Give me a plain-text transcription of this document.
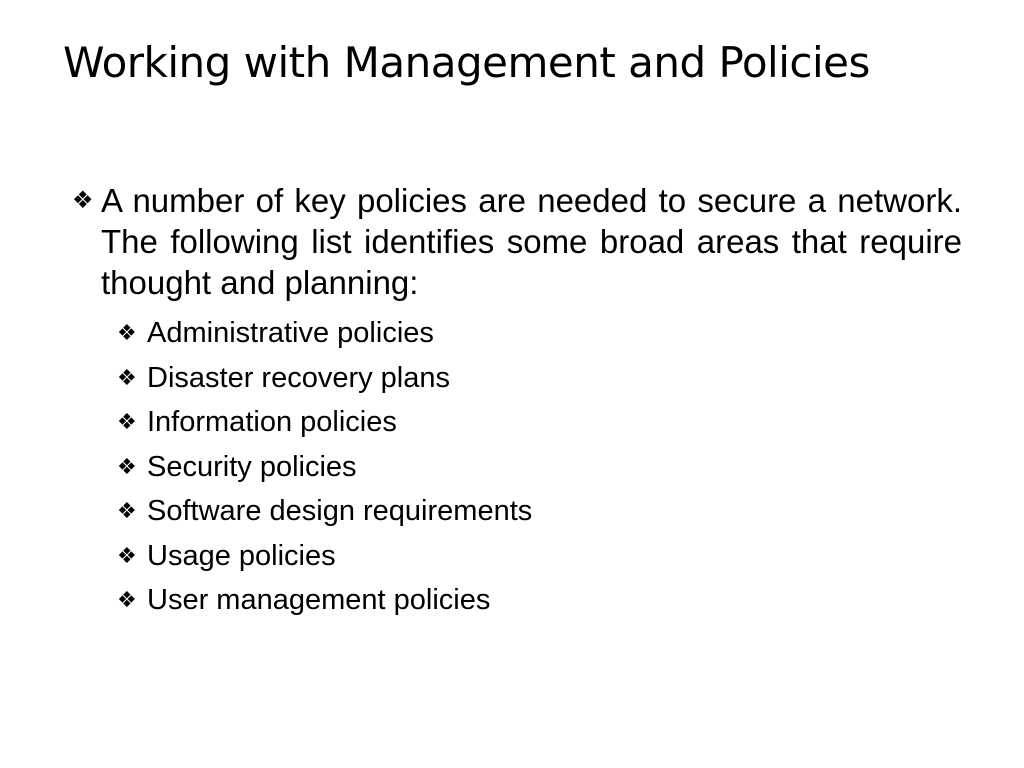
Working with Management and Policies

❖ A number of key policies are needed to secure a network. The following list identifies some broad areas that require thought and planning:

❖ Administrative policies
❖ Disaster recovery plans
❖ Information policies
❖ Security policies
❖ Software design requirements
❖ Usage policies
❖ User management policies
